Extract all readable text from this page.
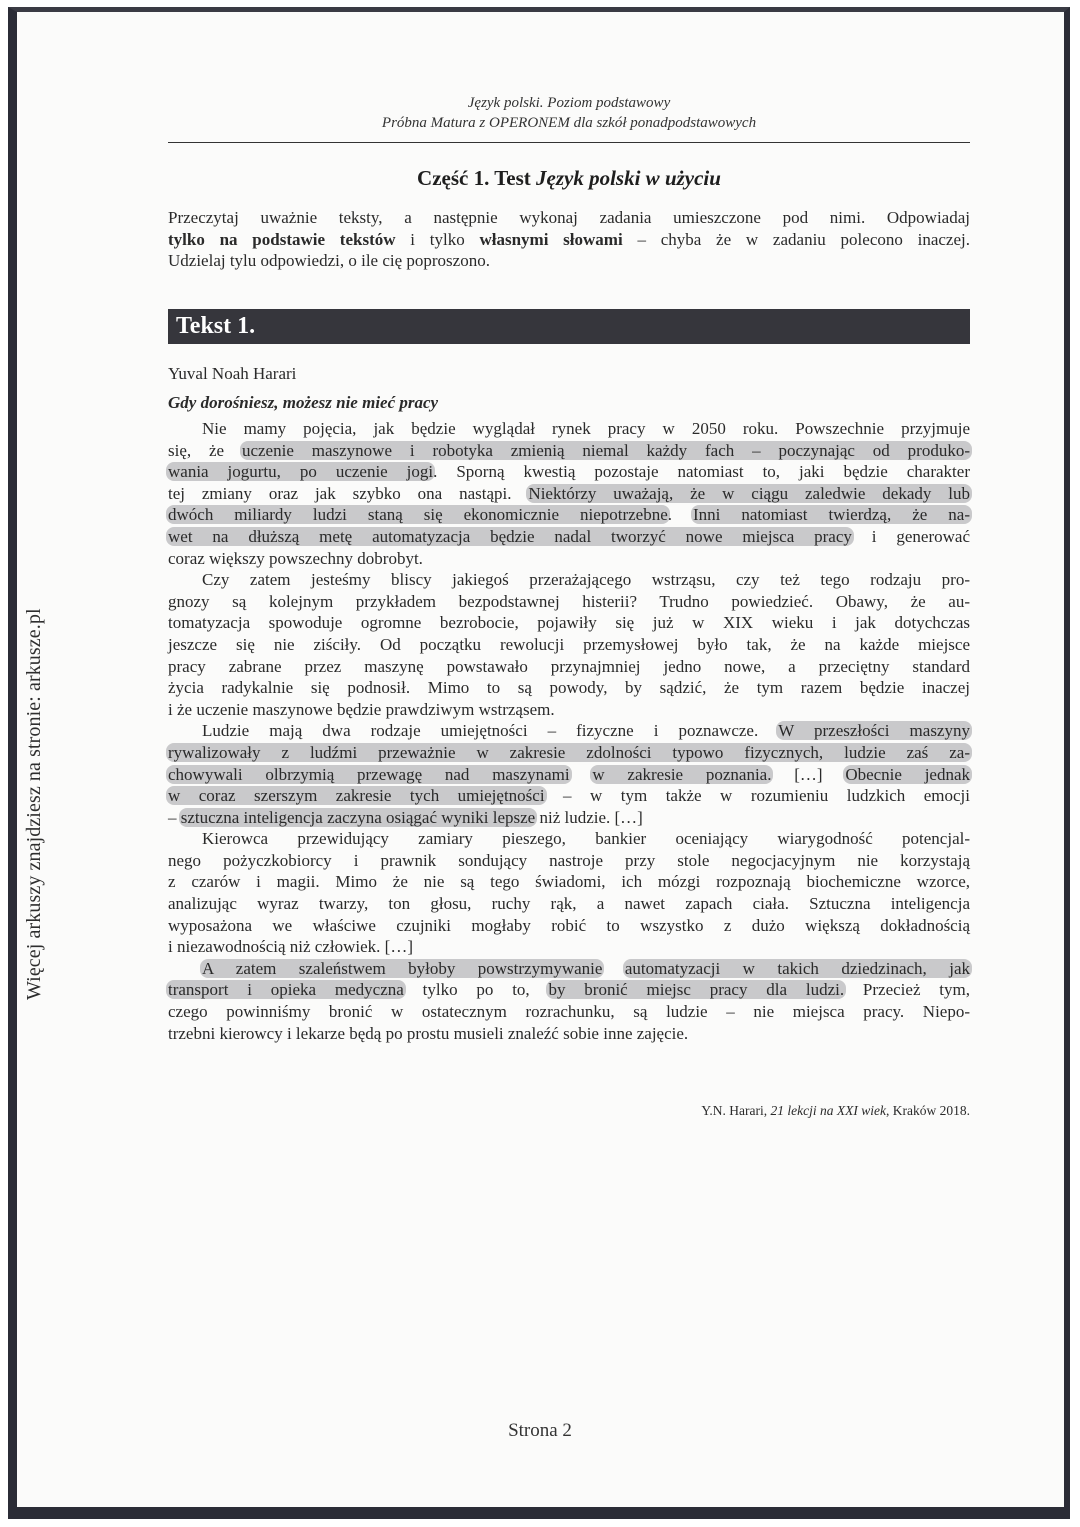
Więcej arkuszy znajdziesz na stronie: arkusze.pl
Język polski. Poziom podstawowy
Próbna Matura z OPERONEM dla szkół ponadpodstawowych
Część 1. Test Język polski w użyciu
Przeczytaj uważnie teksty, a następnie wykonaj zadania umieszczone pod nimi. Odpowiadaj
tylko na podstawie tekstów i tylko własnymi słowami – chyba że w zadaniu polecono inaczej.
Udzielaj tylu odpowiedzi, o ile cię poproszono.
Tekst 1.
Yuval Noah Harari
Gdy dorośniesz, możesz nie mieć pracy
Nie mamy pojęcia, jak będzie wyglądał rynek pracy w 2050 roku. Powszechnie przyjmuje
się, że uczenie maszynowe i robotyka zmienią niemal każdy fach – poczynając od produko-
wania jogurtu, po uczenie jogi. Sporną kwestią pozostaje natomiast to, jaki będzie charakter
tej zmiany oraz jak szybko ona nastąpi. Niektórzy uważają, że w ciągu zaledwie dekady lub
dwóch miliardy ludzi staną się ekonomicznie niepotrzebne. Inni natomiast twierdzą, że na-
wet na dłuższą metę automatyzacja będzie nadal tworzyć nowe miejsca pracy i generować
coraz większy powszechny dobrobyt.
Czy zatem jesteśmy bliscy jakiegoś przerażającego wstrząsu, czy też tego rodzaju pro-
gnozy są kolejnym przykładem bezpodstawnej histerii? Trudno powiedzieć. Obawy, że au-
tomatyzacja spowoduje ogromne bezrobocie, pojawiły się już w XIX wieku i jak dotychczas
jeszcze się nie ziściły. Od początku rewolucji przemysłowej było tak, że na każde miejsce
pracy zabrane przez maszynę powstawało przynajmniej jedno nowe, a przeciętny standard
życia radykalnie się podnosił. Mimo to są powody, by sądzić, że tym razem będzie inaczej
i że uczenie maszynowe będzie prawdziwym wstrząsem.
Ludzie mają dwa rodzaje umiejętności – fizyczne i poznawcze. W przeszłości maszyny
rywalizowały z ludźmi przeważnie w zakresie zdolności typowo fizycznych, ludzie zaś za-
chowywali olbrzymią przewagę nad maszynami w zakresie poznania. […] Obecnie jednak
w coraz szerszym zakresie tych umiejętności – w tym także w rozumieniu ludzkich emocji
– sztuczna inteligencja zaczyna osiągać wyniki lepsze niż ludzie. […]
Kierowca przewidujący zamiary pieszego, bankier oceniający wiarygodność potencjal-
nego pożyczkobiorcy i prawnik sondujący nastroje przy stole negocjacyjnym nie korzystają
z czarów i magii. Mimo że nie są tego świadomi, ich mózgi rozpoznają biochemiczne wzorce,
analizując wyraz twarzy, ton głosu, ruchy rąk, a nawet zapach ciała. Sztuczna inteligencja
wyposażona we właściwe czujniki mogłaby robić to wszystko z dużo większą dokładnością
i niezawodnością niż człowiek. […]
A zatem szaleństwem byłoby powstrzymywanie automatyzacji w takich dziedzinach, jak
transport i opieka medyczna tylko po to, by bronić miejsc pracy dla ludzi. Przecież tym,
czego powinniśmy bronić w ostatecznym rozrachunku, są ludzie – nie miejsca pracy. Niepo-
trzebni kierowcy i lekarze będą po prostu musieli znaleźć sobie inne zajęcie.
Y.N. Harari, 21 lekcji na XXI wiek, Kraków 2018.
Strona 2
